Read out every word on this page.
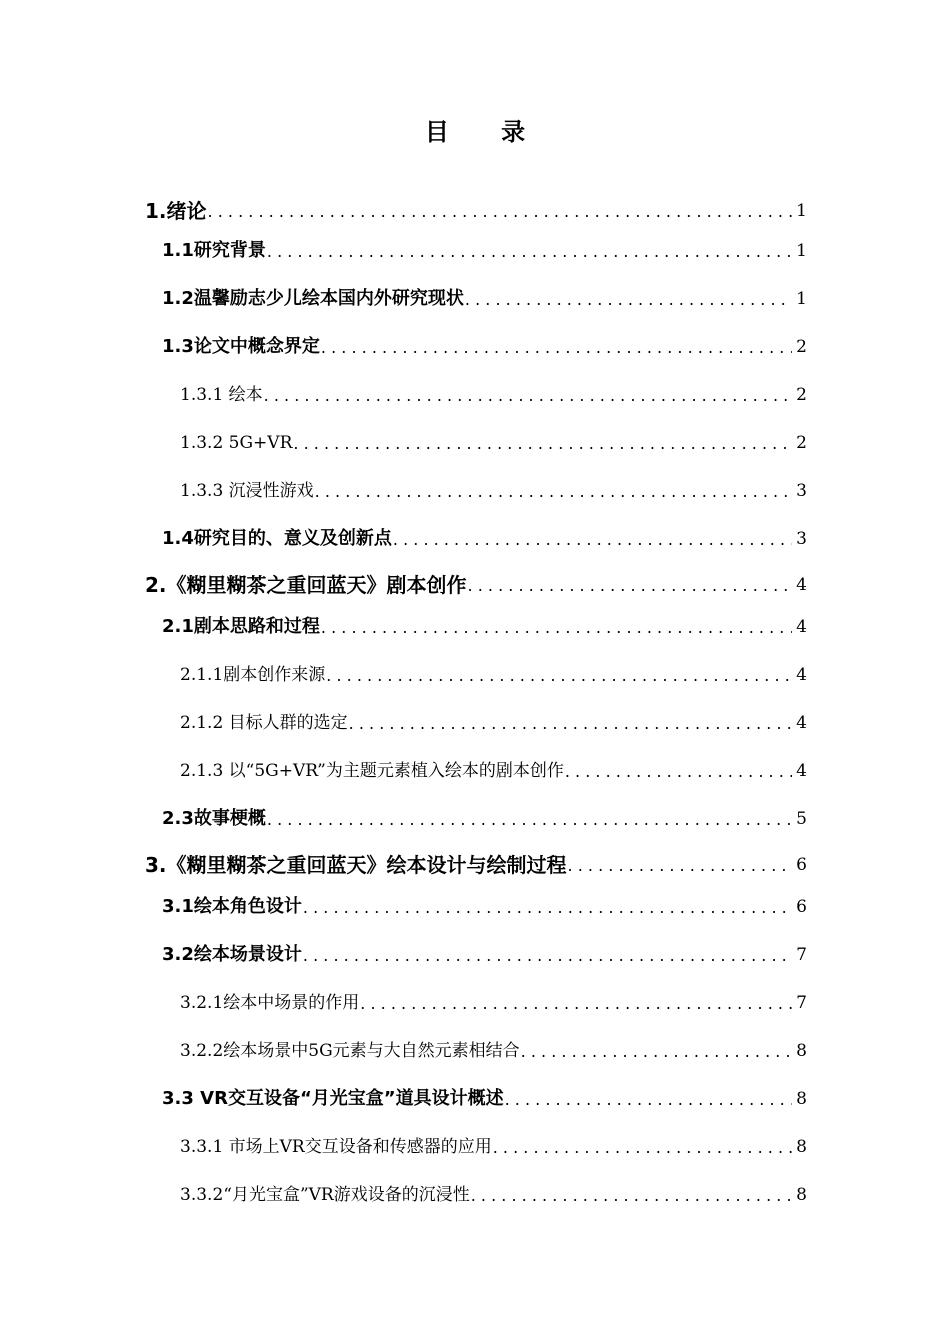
目 录
1.绪论 .....	1
1.1研究背景 .....	1
1.2温馨励志少儿绘本国内外研究现状 .....	1
1.3论文中概念界定 .....	2
1.3.1 绘本 .....	2
1.3.2 5G+VR .....	2
1.3.3 沉浸性游戏 .....	3
1.4研究目的、意义及创新点 .....	3
2.《糊里糊茶之重回蓝天》剧本创作 .....	4
2.1剧本思路和过程 .....	4
2.1.1剧本创作来源 .....	4
2.1.2 目标人群的选定 .....	4
2.1.3 以“5G+VR”为主题元素植入绘本的剧本创作 .....	4
2.3故事梗概 .....	5
3.《糊里糊茶之重回蓝天》绘本设计与绘制过程 .....	6
3.1绘本角色设计 .....	6
3.2绘本场景设计 .....	7
3.2.1绘本中场景的作用 .....	7
3.2.2绘本场景中5G元素与大自然元素相结合 .....	8
3.3 VR交互设备“月光宝盒”道具设计概述 .....	8
3.3.1 市场上VR交互设备和传感器的应用 .....	8
3.3.2“月光宝盒”VR游戏设备的沉浸性 .....	8
